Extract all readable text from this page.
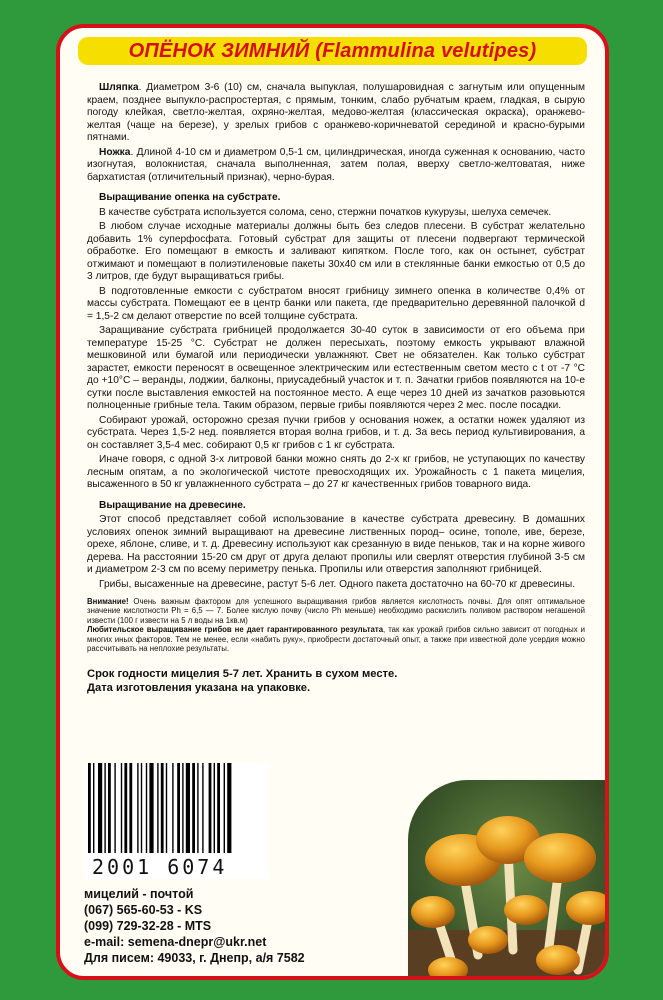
ОПЁНОК ЗИМНИЙ (Flammulina velutipes)

Шляпка. Диаметром 3-6 (10) см, сначала выпуклая, полушаровидная с загнутым или опущенным краем, позднее выпукло-распростертая, с прямым, тонким, слабо рубчатым краем, гладкая, в сырую погоду клейкая, светло-желтая, охряно-желтая, медово-желтая (классическая окраска), оранжево-желтая (чаще на березе), у зрелых грибов с оранжево-коричневатой серединой и красно-бурыми пятнами.

Ножка. Длиной 4-10 см и диаметром 0,5-1 см, цилиндрическая, иногда суженная к основанию, часто изогнутая, волокнистая, сначала выполненная, затем полая, вверху светло-желтоватая, ниже бархатистая (отличительный признак), черно-бурая.

Выращивание опенка на субстрате.

В качестве субстрата используется солома, сено, стержни початков кукурузы, шелуха семечек.

В любом случае исходные материалы должны быть без следов плесени. В субстрат желательно добавить 1% суперфосфата. Готовый субстрат для защиты от плесени подвергают термической обработке. Его помещают в емкость и заливают кипятком. После того, как он остынет, субстрат отжимают и помещают в полиэтиленовые пакеты 30х40 см или в стеклянные банки емкостью от 0,5 до 3 литров, где будут выращиваться грибы.

В подготовленные емкости с субстратом вносят грибницу зимнего опенка в количестве 0,4% от массы субстрата. Помещают ее в центр банки или пакета, где предварительно деревянной палочкой d = 1,5-2 см делают отверстие по всей толщине субстрата.

Заращивание субстрата грибницей продолжается 30-40 суток в зависимости от его объема при температуре 15-25 °С. Субстрат не должен пересыхать, поэтому емкость укрывают влажной мешковиной или бумагой или периодически увлажняют. Свет не обязателен. Как только субстрат зарастет, емкости переносят в освещенное электрическим или естественным светом место с t от -7 °С до +10°С – веранды, лоджии, балконы, приусадебный участок и т. п. Зачатки грибов появляются на 10-е сутки после выставления емкостей на постоянное место. А еще через 10 дней из зачатков разовьются полноценные грибные тела. Таким образом, первые грибы появляются через 2 мес. после посадки.

Собирают урожай, осторожно срезая пучки грибов у основания ножек, а остатки ножек удаляют из субстрата. Через 1,5-2 нед. появляется вторая волна грибов, и т. д. За весь период культивирования, а он составляет 3,5-4 мес. собирают 0,5 кг грибов с 1 кг субстрата.

Иначе говоря, с одной 3-х литровой банки можно снять до 2-х кг грибов, не уступающих по качеству лесным опятам, а по экологической чистоте превосходящих их. Урожайность с 1 пакета мицелия, высаженного в 50 кг увлажненного субстрата – до 27 кг качественных грибов товарного вида.

Выращивание на древесине.

Этот способ представляет собой использование в качестве субстрата древесину. В домашних условиях опенок зимний выращивают на древесине лиственных пород– осине, тополе, иве, березе, орехе, яблоне, сливе, и т. д. Древесину используют как срезанную в виде пеньков, так и на корне живого дерева. На расстоянии 15-20 см друг от друга делают пропилы или сверлят отверстия глубиной 3-5 см и диаметром 2-3 см по всему периметру пенька. Пропилы или отверстия заполняют грибницей.

Грибы, высаженные на древесине, растут 5-6 лет. Одного пакета достаточно на 60-70 кг древесины.

Внимание! Очень важным фактором для успешного выращивания грибов является кислотность почвы. Для опят оптимальное значение кислотности Ph = 6,5 — 7. Более кислую почву (число Ph меньше) необходимо раскислить поливом раствором негашеной извести (100 г извести на 5 л воды на 1кв.м)
Любительское выращивание грибов не дает гарантированного результата, так как урожай грибов сильно зависит от погодных и многих иных факторов. Тем не менее, если «набить руку», приобрести достаточный опыт, а также при известной доле усердия можно рассчитывать на неплохие результаты.
Срок годности мицелия 5-7 лет. Хранить в сухом месте.
Дата изготовления указана на упаковке.
2001 6074
мицелий - почтой
(067) 565-60-53 - KS
(099) 729-32-28 - MTS
e-mail: semena-dnepr@ukr.net
Для писем: 49033, г. Днепр, а/я 7582
